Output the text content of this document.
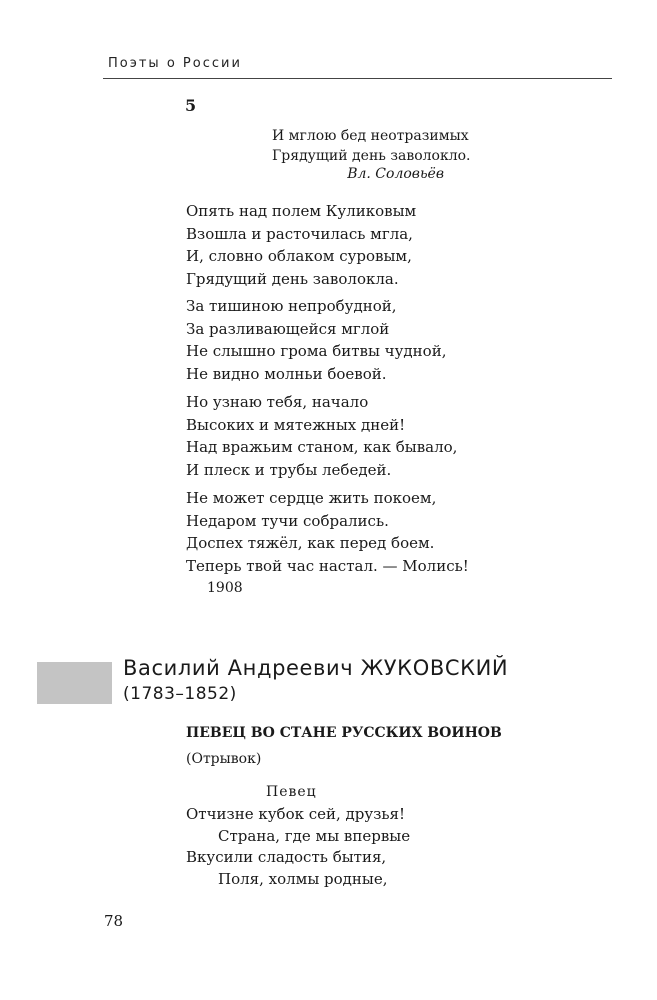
Поэты о России
5
И мглою бед неотразимых
Грядущий день заволокло.
Вл. Соловьёв
Опять над полем Куликовым
Взошла и расточилась мгла,
И, словно облаком суровым,
Грядущий день заволокла.
За тишиною непробудной,
За разливающейся мглой
Не слышно грома битвы чудной,
Не видно молньи боевой.
Но узнаю тебя, начало
Высоких и мятежных дней!
Над вражьим станом, как бывало,
И плеск и трубы лебедей.
Не может сердце жить покоем,
Недаром тучи собрались.
Доспех тяжёл, как перед боем.
Теперь твой час настал. — Молись!
1908
Василий Андреевич ЖУКОВСКИЙ
(1783–1852)
ПЕВЕЦ ВО СТАНЕ РУССКИХ ВОИНОВ
(Отрывок)
Певец
Отчизне кубок сей, друзья!
Страна, где мы впервые
Вкусили сладость бытия,
Поля, холмы родные,
78
